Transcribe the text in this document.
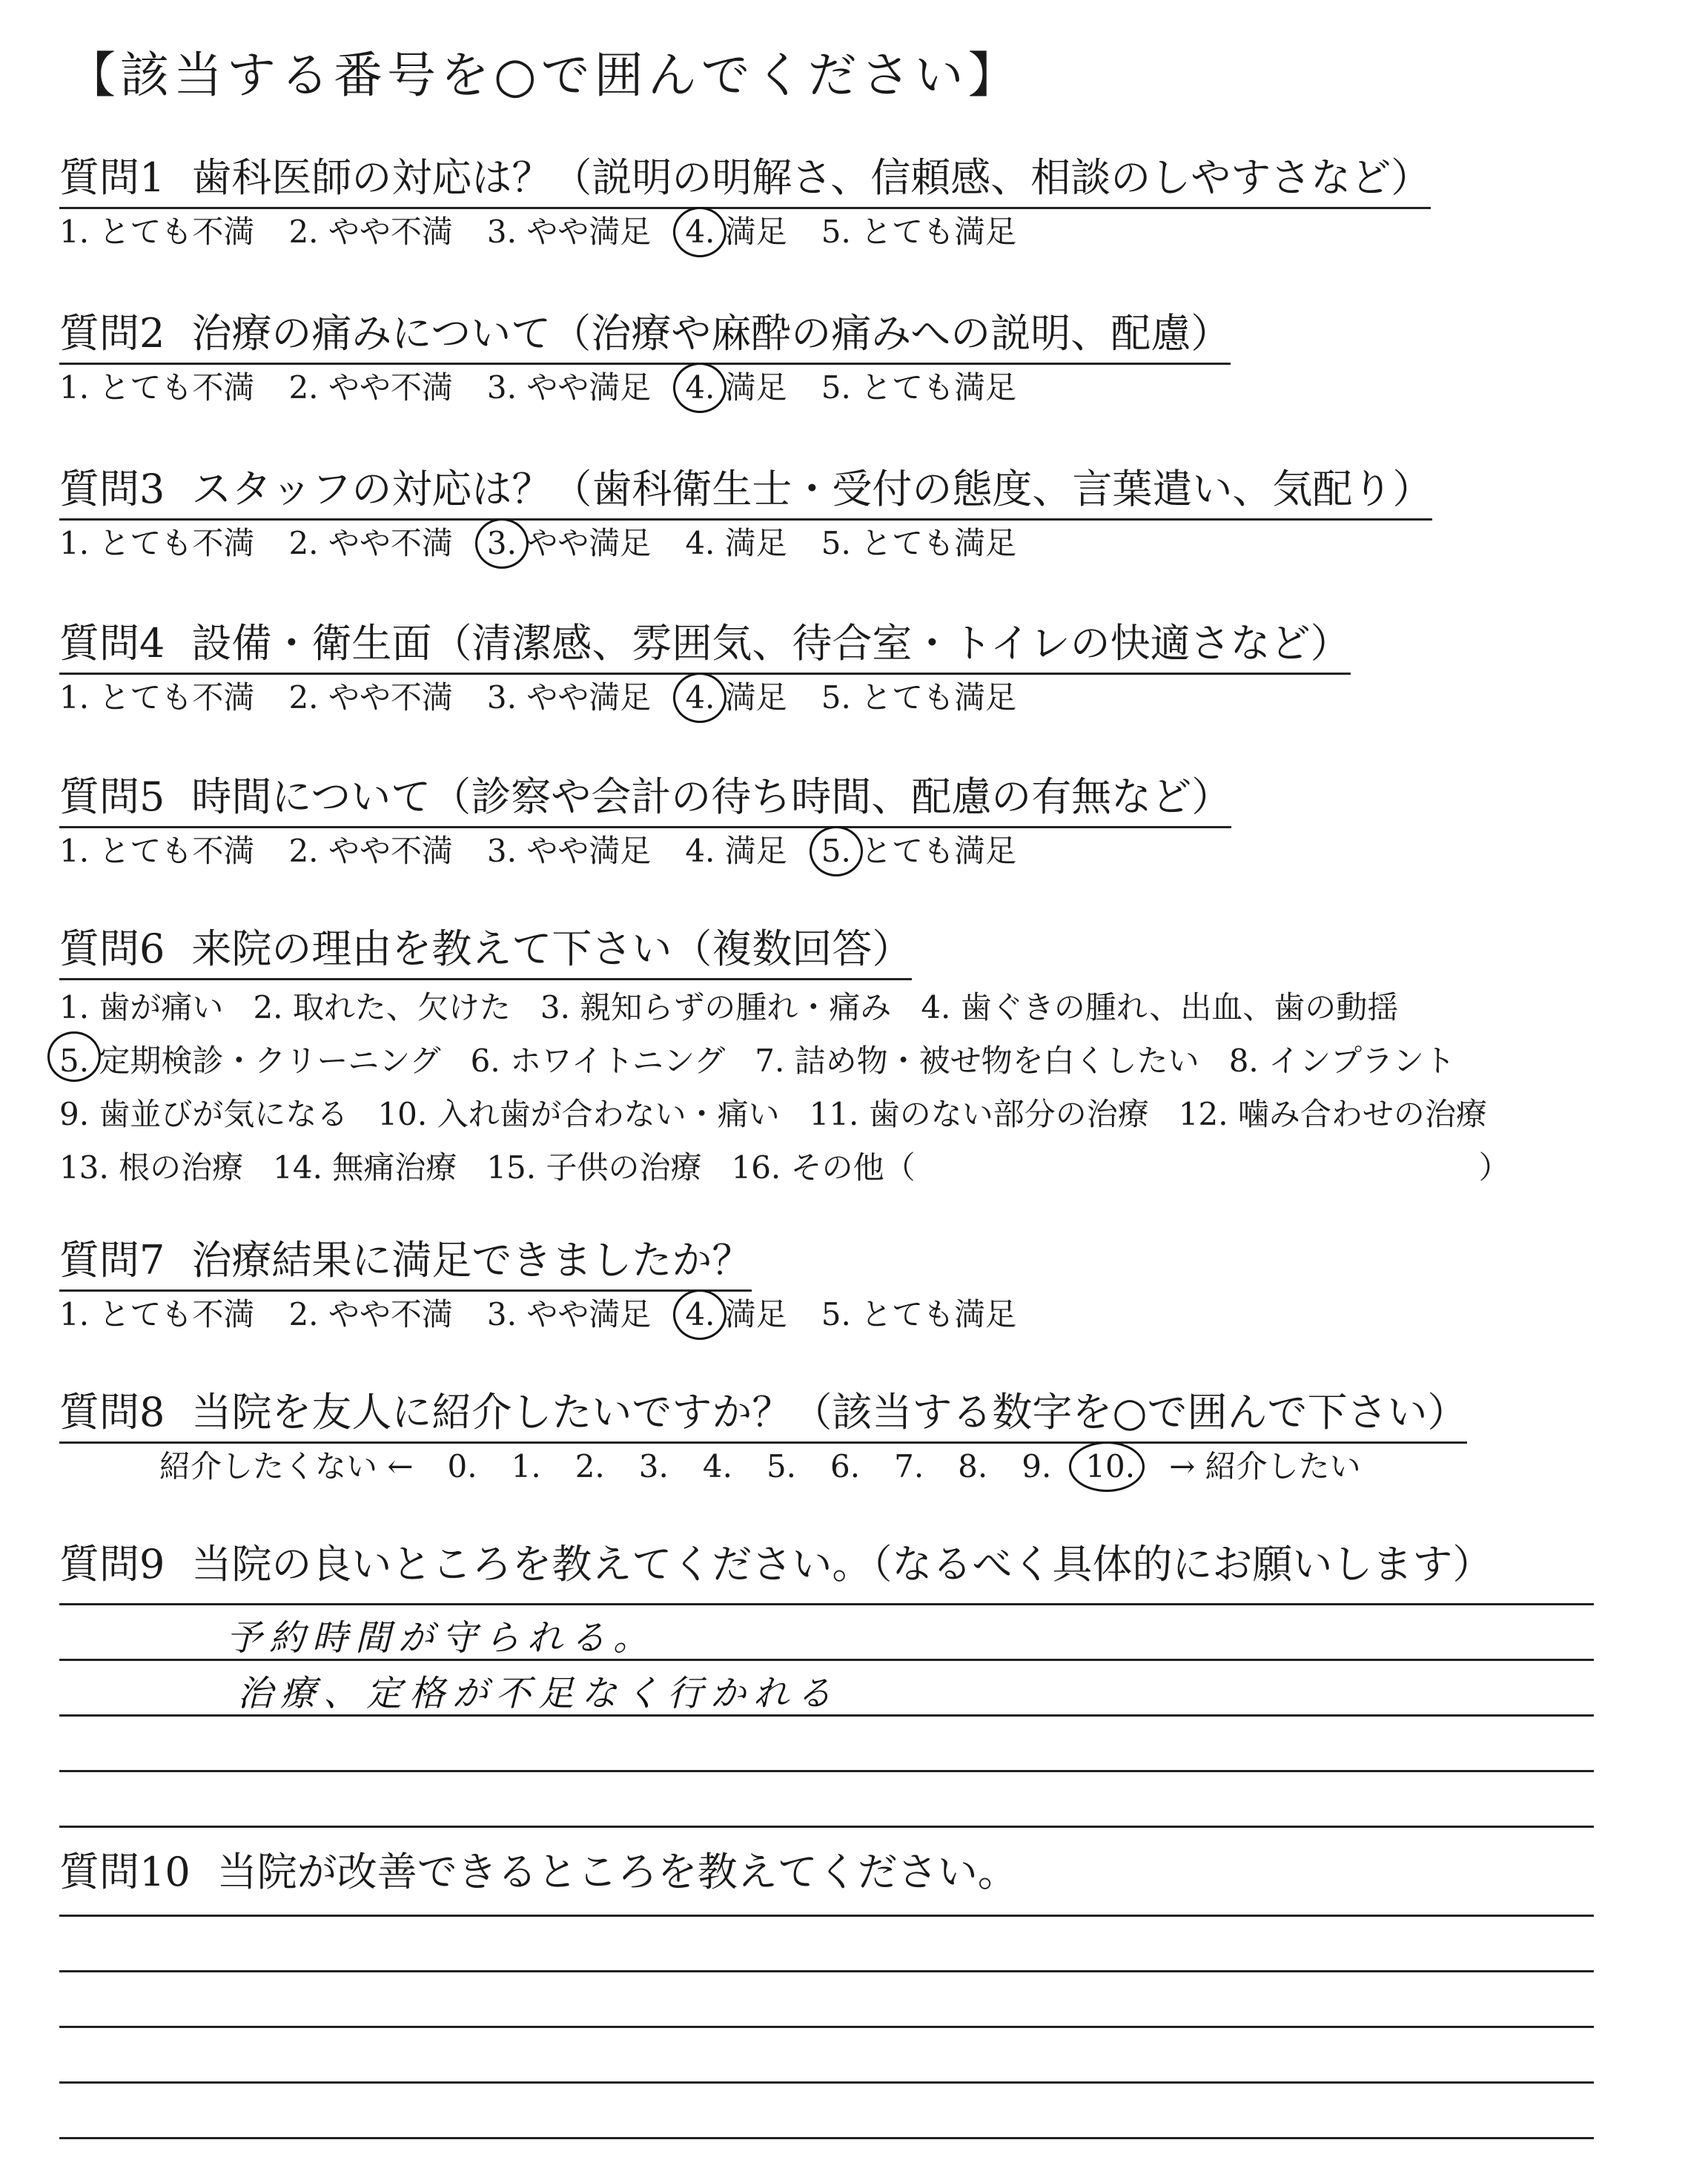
【該当する番号を○で囲んでください】
質問1 歯科医師の対応は？（説明の明解さ、信頼感、相談のしやすさなど）
1. とても不満 2. やや不満 3. やや満足 4. 満足 5. とても満足
質問2 治療の痛みについて（治療や麻酔の痛みへの説明、配慮）
1. とても不満 2. やや不満 3. やや満足 4. 満足 5. とても満足
質問3 スタッフの対応は？（歯科衛生士・受付の態度、言葉遣い、気配り）
1. とても不満 2. やや不満 3. やや満足 4. 満足 5. とても満足
質問4 設備・衛生面（清潔感、雰囲気、待合室・トイレの快適さなど）
1. とても不満 2. やや不満 3. やや満足 4. 満足 5. とても満足
質問5 時間について（診察や会計の待ち時間、配慮の有無など）
1. とても不満 2. やや不満 3. やや満足 4. 満足 5. とても満足
質問6 来院の理由を教えて下さい（複数回答）
1. 歯が痛い 2. 取れた、欠けた 3. 親知らずの腫れ・痛み 4. 歯ぐきの腫れ、出血、歯の動揺
5. 定期検診・クリーニング 6. ホワイトニング 7. 詰め物・被せ物を白くしたい 8. インプラント
9. 歯並びが気になる 10. 入れ歯が合わない・痛い 11. 歯のない部分の治療 12. 噛み合わせの治療
13. 根の治療 14. 無痛治療 15. 子供の治療 16. その他（	）
質問7 治療結果に満足できましたか？
1. とても不満 2. やや不満 3. やや満足 4. 満足 5. とても満足
質問8 当院を友人に紹介したいですか？（該当する数字を○で囲んで下さい）
紹介したくない ← 0. 1. 2. 3. 4. 5. 6. 7. 8. 9. 10. → 紹介したい
質問9 当院の良いところを教えてください。（なるべく具体的にお願いします）
予約時間が守られる。
治療、定格が不足なく行かれる
質問10 当院が改善できるところを教えてください。
